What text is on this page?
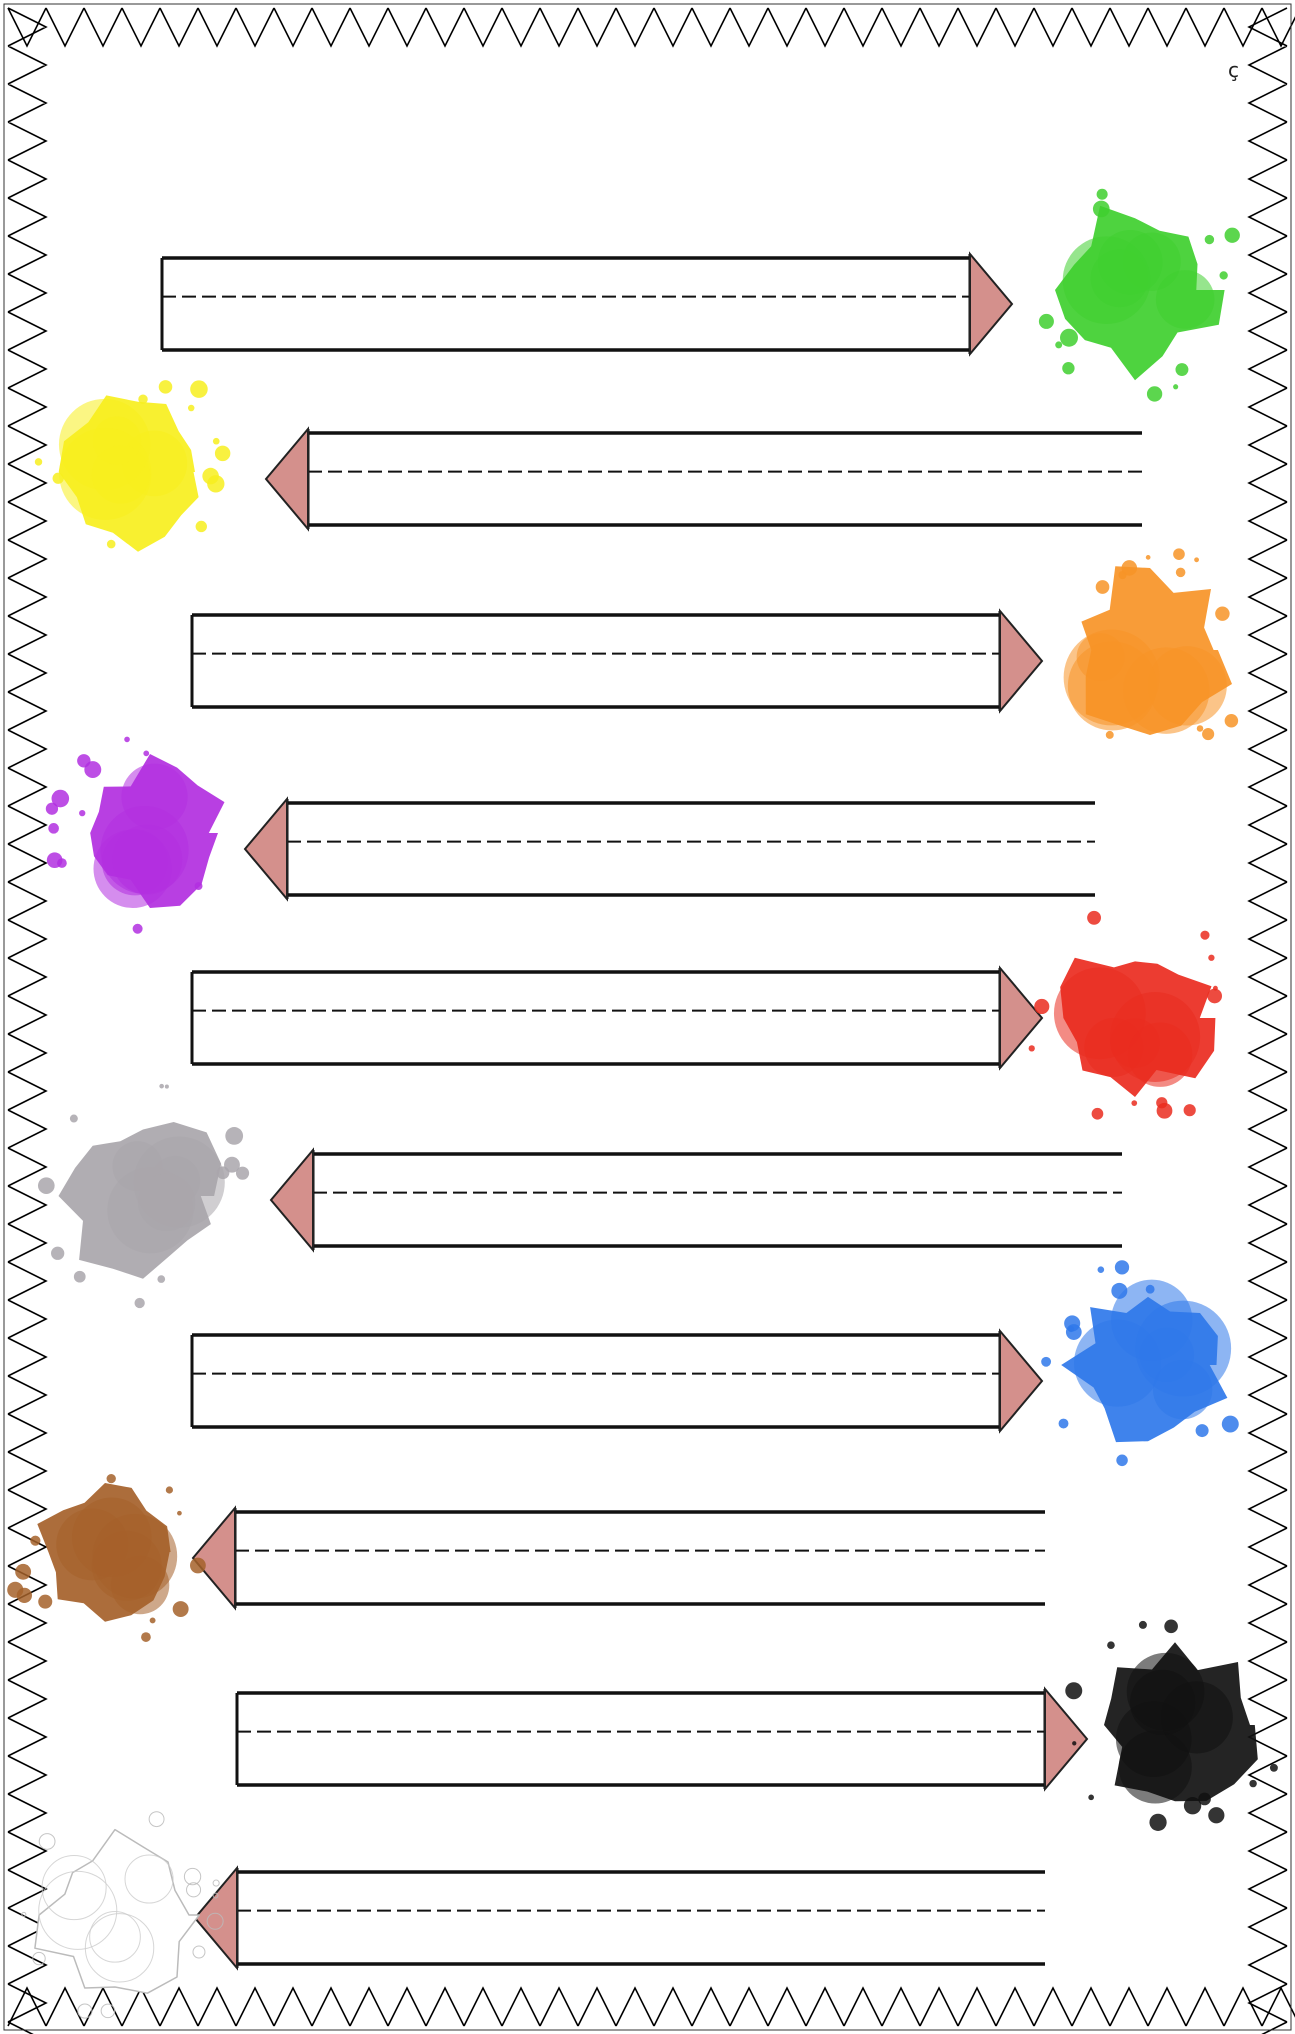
ç
